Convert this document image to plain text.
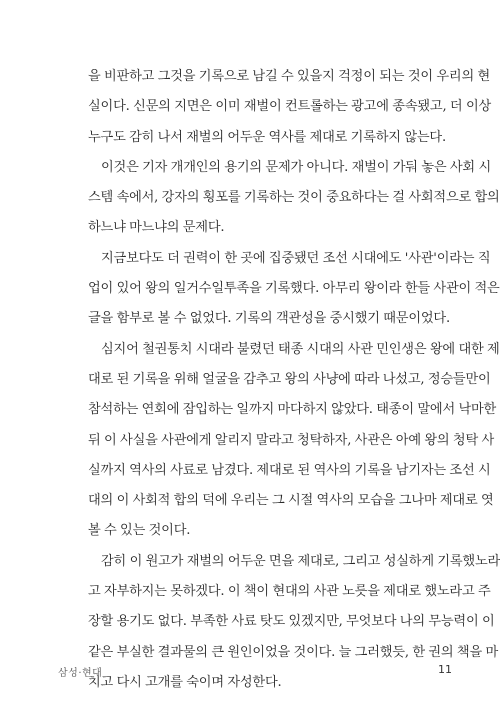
을 비판하고 그것을 기록으로 남길 수 있을지 걱정이 되는 것이 우리의 현
실이다. 신문의 지면은 이미 재벌이 컨트롤하는 광고에 종속됐고, 더 이상
누구도 감히 나서 재벌의 어두운 역사를 제대로 기록하지 않는다.
이것은 기자 개개인의 용기의 문제가 아니다. 재벌이 가둬 놓은 사회 시
스템 속에서, 강자의 횡포를 기록하는 것이 중요하다는 걸 사회적으로 합의
하느냐 마느냐의 문제다.
지금보다도 더 권력이 한 곳에 집중됐던 조선 시대에도 '사관'이라는 직
업이 있어 왕의 일거수일투족을 기록했다. 아무리 왕이라 한들 사관이 적은
글을 함부로 볼 수 없었다. 기록의 객관성을 중시했기 때문이었다.
심지어 철권통치 시대라 불렸던 태종 시대의 사관 민인생은 왕에 대한 제
대로 된 기록을 위해 얼굴을 감추고 왕의 사냥에 따라 나섰고, 정승들만이
참석하는 연회에 잠입하는 일까지 마다하지 않았다. 태종이 말에서 낙마한
뒤 이 사실을 사관에게 알리지 말라고 청탁하자, 사관은 아예 왕의 청탁 사
실까지 역사의 사료로 남겼다. 제대로 된 역사의 기록을 남기자는 조선 시
대의 이 사회적 합의 덕에 우리는 그 시절 역사의 모습을 그나마 제대로 엿
볼 수 있는 것이다.
감히 이 원고가 재벌의 어두운 면을 제대로, 그리고 성실하게 기록했노라
고 자부하지는 못하겠다. 이 책이 현대의 사관 노릇을 제대로 했노라고 주
장할 용기도 없다. 부족한 사료 탓도 있겠지만, 무엇보다 나의 무능력이 이
같은 부실한 결과물의 큰 원인이었을 것이다. 늘 그러했듯, 한 권의 책을 마
치고 다시 고개를 숙이며 자성한다.
삼성·현대	11
